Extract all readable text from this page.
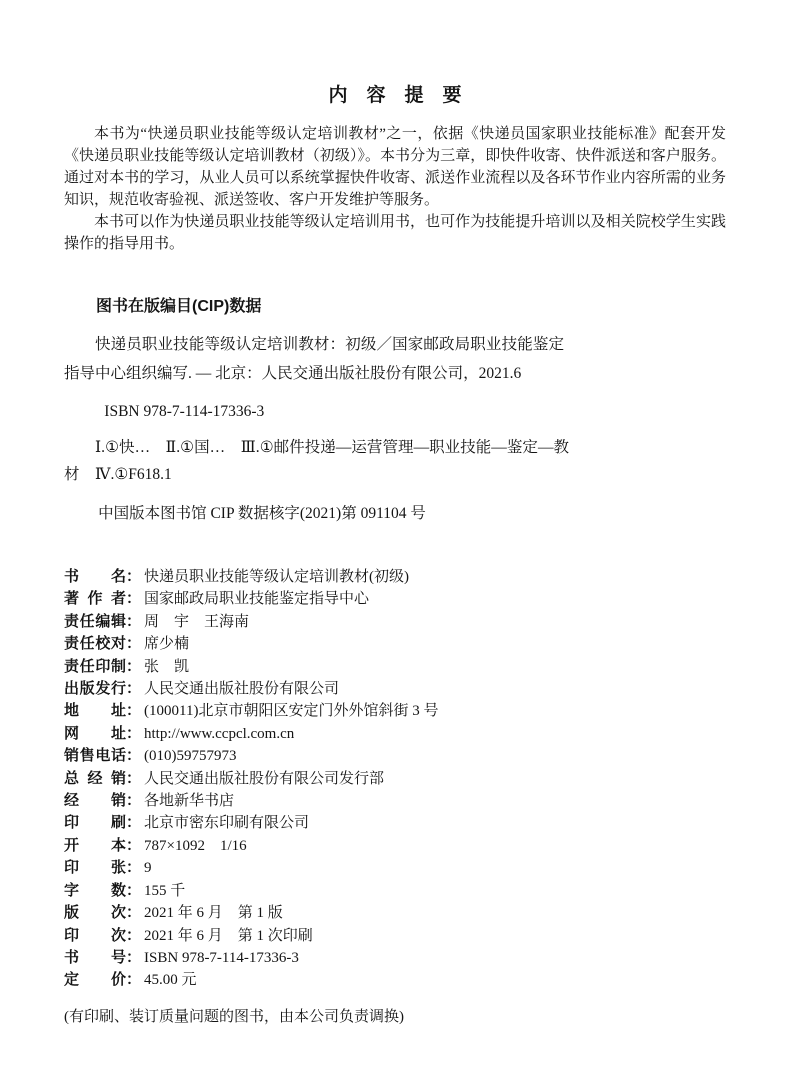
内容提要

本书为“快递员职业技能等级认定培训教材”之一，依据《快递员国家职业技能标准》配套开发《快递员职业技能等级认定培训教材（初级）》。本书分为三章，即快件收寄、快件派送和客户服务。通过对本书的学习，从业人员可以系统掌握快件收寄、派送作业流程以及各环节作业内容所需的业务知识，规范收寄验视、派送签收、客户开发维护等服务。

本书可以作为快递员职业技能等级认定培训用书，也可作为技能提升培训以及相关院校学生实践操作的指导用书。

图书在版编目(CIP)数据

快递员职业技能等级认定培训教材：初级／国家邮政局职业技能鉴定指导中心组织编写. — 北京：人民交通出版社股份有限公司，2021.6

ISBN 978-7-114-17336-3

Ⅰ.①快…　Ⅱ.①国…　Ⅲ.①邮件投递—运营管理—职业技能—鉴定—教材　Ⅳ.①F618.1

中国版本图书馆 CIP 数据核字(2021)第 091104 号

书名 ： 快递员职业技能等级认定培训教材(初级)
著作者 ： 国家邮政局职业技能鉴定指导中心
责任编辑 ： 周　宇　王海南
责任校对 ： 席少楠
责任印制 ： 张　凯
出版发行 ： 人民交通出版社股份有限公司
地址 ： (100011)北京市朝阳区安定门外外馆斜街 3 号
网址 ： http://www.ccpcl.com.cn
销售电话 ： (010)59757973
总经销 ： 人民交通出版社股份有限公司发行部
经销 ： 各地新华书店
印刷 ： 北京市密东印刷有限公司
开本 ： 787×1092　1/16
印张 ： 9
字数 ： 155 千
版次 ： 2021 年 6 月　第 1 版
印次 ： 2021 年 6 月　第 1 次印刷
书号 ： ISBN 978-7-114-17336-3
定价 ： 45.00 元

(有印刷、装订质量问题的图书，由本公司负责调换)
